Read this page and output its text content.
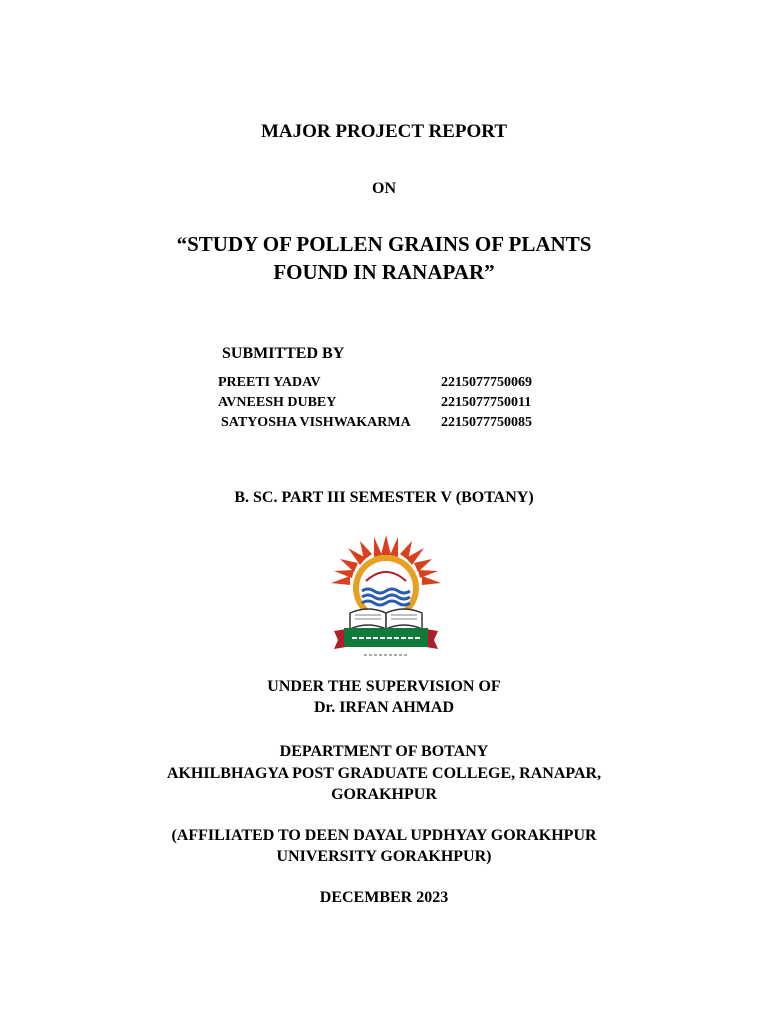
MAJOR PROJECT REPORT
ON
“STUDY OF POLLEN GRAINS OF PLANTS
FOUND IN RANAPAR”
SUBMITTED BY
PREETI YADAV	2215077750069
AVNEESH DUBEY	2215077750011
SATYOSHA VISHWAKARMA 2215077750085
B. SC. PART III SEMESTER V (BOTANY)
UNDER THE SUPERVISION OF
Dr. IRFAN AHMAD
DEPARTMENT OF BOTANY
AKHILBHAGYA POST GRADUATE COLLEGE, RANAPAR,
GORAKHPUR
(AFFILIATED TO DEEN DAYAL UPDHYAY GORAKHPUR
UNIVERSITY GORAKHPUR)
DECEMBER 2023
